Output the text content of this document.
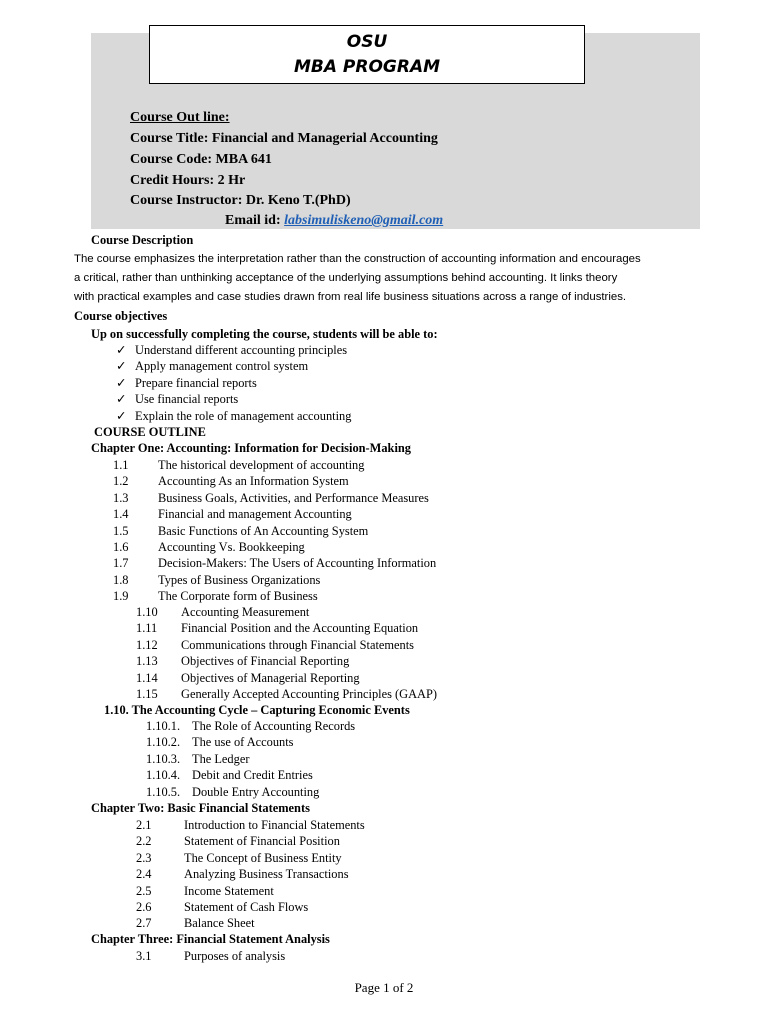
OSU
MBA PROGRAM
Course Out line:
Course Title: Financial and Managerial Accounting
Course Code: MBA 641
Credit Hours: 2 Hr
Course Instructor: Dr. Keno T.(PhD)
Email id: labsimuliskeno@gmail.com
Course Description
The course emphasizes the interpretation rather than the construction of accounting information and encourages
a critical, rather than unthinking acceptance of the underlying assumptions behind accounting. It links theory
with practical examples and case studies drawn from real life business situations across a range of industries.
Course objectives
Up on successfully completing the course, students will be able to:
✓ Understand different accounting principles
✓ Apply management control system
✓ Prepare financial reports
✓ Use financial reports
✓ Explain the role of management accounting
COURSE OUTLINE
Chapter One: Accounting: Information for Decision-Making
1.1 The historical development of accounting
1.2 Accounting As an Information System
1.3 Business Goals, Activities, and Performance Measures
1.4 Financial and management Accounting
1.5 Basic Functions of An Accounting System
1.6 Accounting Vs. Bookkeeping
1.7 Decision-Makers: The Users of Accounting Information
1.8 Types of Business Organizations
1.9 The Corporate form of Business
1.10 Accounting Measurement
1.11 Financial Position and the Accounting Equation
1.12 Communications through Financial Statements
1.13 Objectives of Financial Reporting
1.14 Objectives of Managerial Reporting
1.15 Generally Accepted Accounting Principles (GAAP)
1.10. The Accounting Cycle – Capturing Economic Events
1.10.1. The Role of Accounting Records
1.10.2. The use of Accounts
1.10.3. The Ledger
1.10.4. Debit and Credit Entries
1.10.5. Double Entry Accounting
Chapter Two: Basic Financial Statements
2.1	Introduction to Financial Statements
2.2	Statement of Financial Position
2.3	The Concept of Business Entity
2.4	Analyzing Business Transactions
2.5	Income Statement
2.6	Statement of Cash Flows
2.7	Balance Sheet
Chapter Three: Financial Statement Analysis
3.1	Purposes of analysis
Page 1 of 2
